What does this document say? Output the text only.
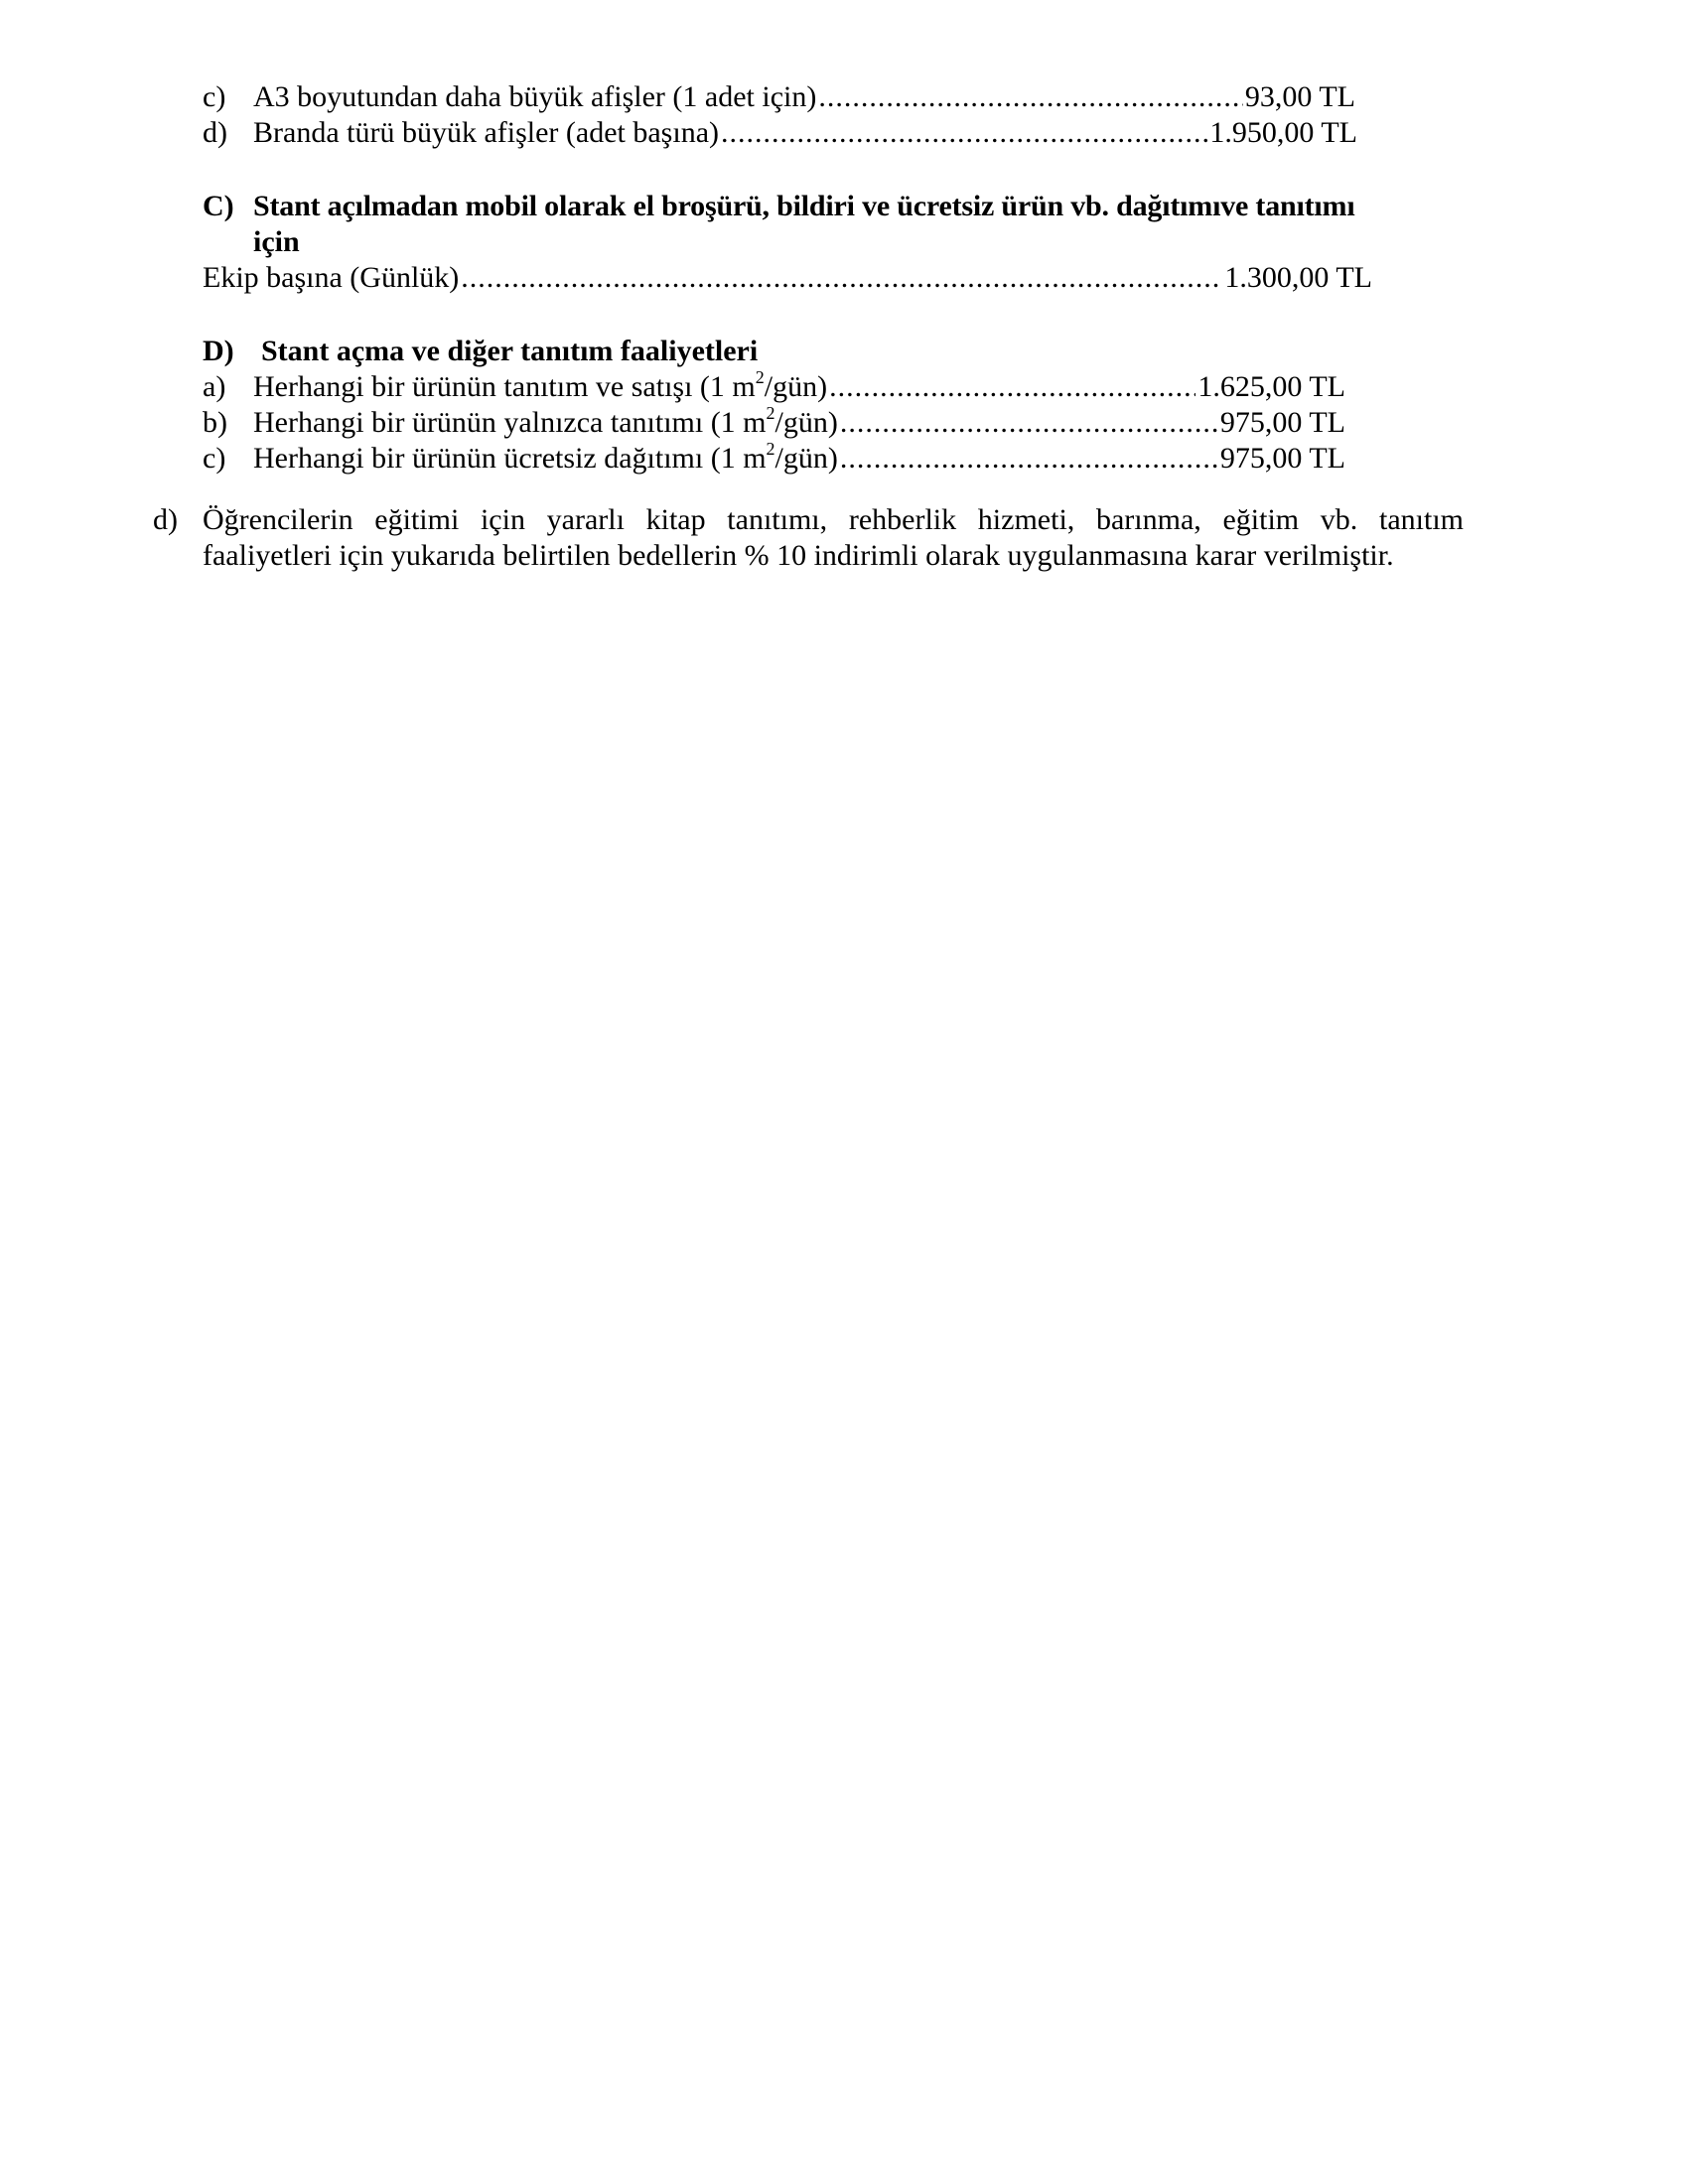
c) A3 boyutundan daha büyük afişler (1 adet için) .....	93,00 TL
d) Branda türü büyük afişler (adet başına) .....	1.950,00 TL
C) Stant açılmadan mobil olarak el broşürü, bildiri ve ücretsiz ürün vb. dağıtımıve tanıtımı
için
Ekip başına (Günlük) .....	1.300,00 TL
D) Stant açma ve diğer tanıtım faaliyetleri
a) Herhangi bir ürünün tanıtım ve satışı (1 $m^2/gün$) .....	1.625,00 TL
b) Herhangi bir ürünün yalnızca tanıtımı (1 $m^2/gün$) .....	975,00 TL
c) Herhangi bir ürünün ücretsiz dağıtımı (1 $m^2/gün$) .....	975,00 TL
d) Öğrencilerin eğitimi için yararlı kitap tanıtımı, rehberlik hizmeti, barınma, eğitim vb. tanıtım
faaliyetleri için yukarıda belirtilen bedellerin % 10 indirimli olarak uygulanmasına karar verilmiştir.
